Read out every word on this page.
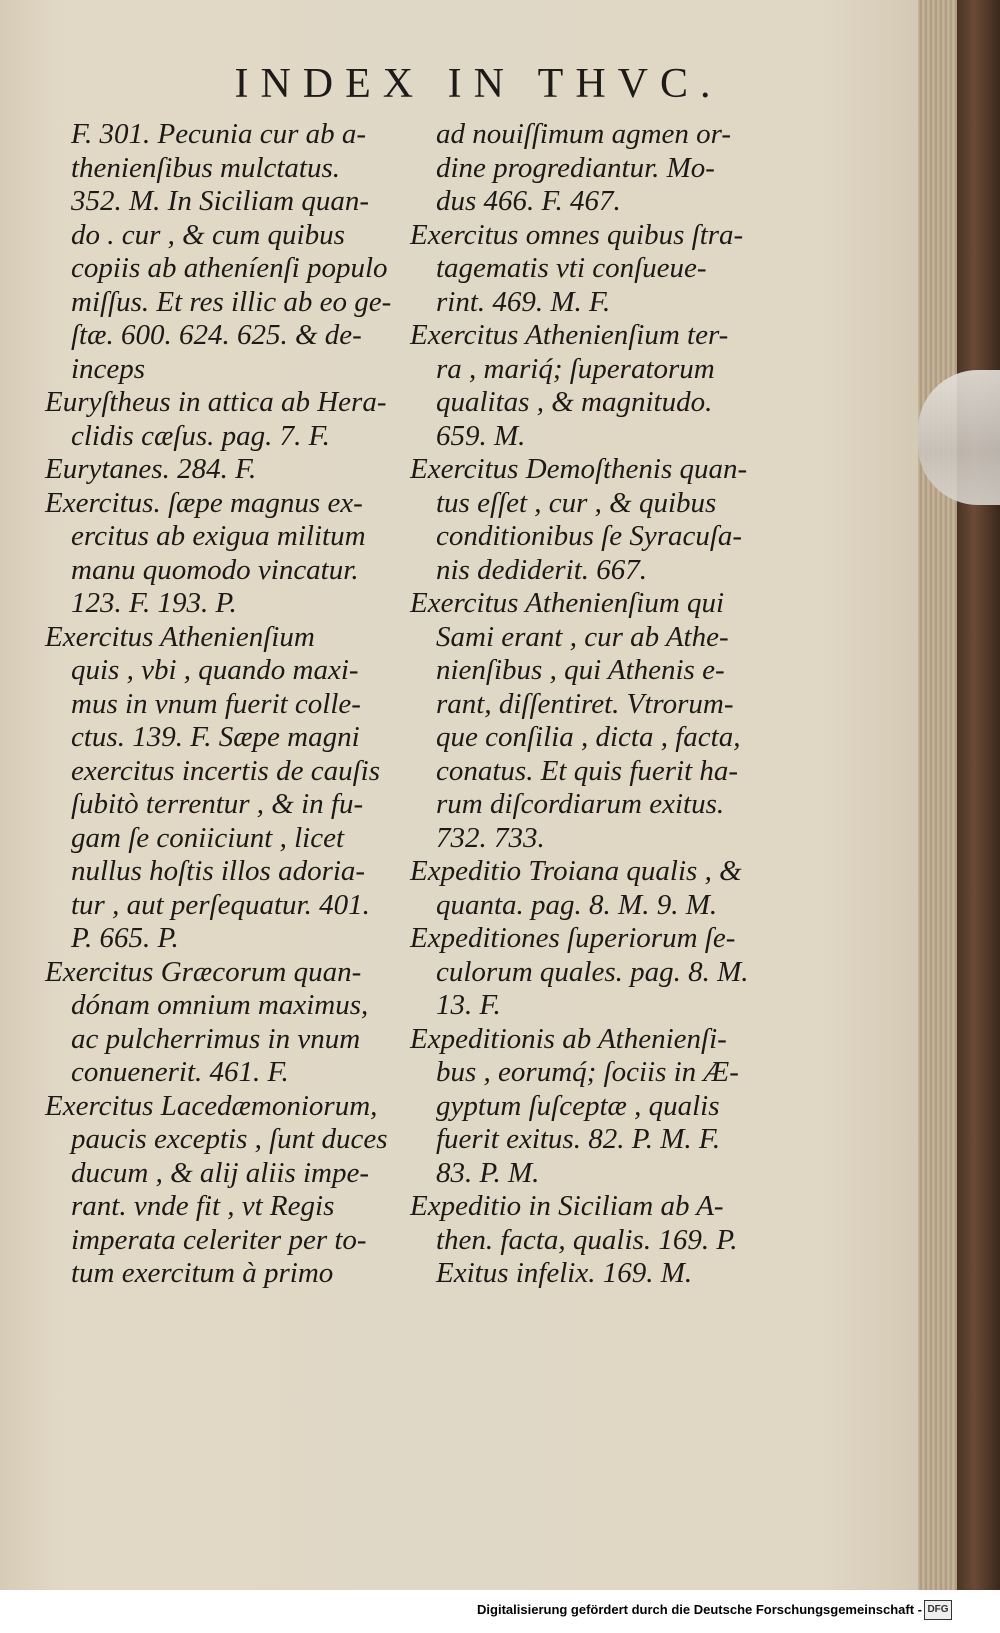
INDEX IN THVC.

F. 301. Pecunia cur ab a-

thenienſibus mulctatus.

352. M. In Siciliam quan-

do . cur , & cum quibus

copiis ab atheníenſi populo

miſſus. Et res illic ab eo ge-

ſtæ. 600. 624. 625. & de-

inceps

Euryſtheus in attica ab Hera-

clidis cæſus. pag. 7. F.

Eurytanes. 284. F.

Exercitus. ſæpe magnus ex-

ercitus ab exigua militum

manu quomodo vincatur.

123. F. 193. P.

Exercitus Athenienſium

quis , vbi , quando maxi-

mus in vnum fuerit colle-

ctus. 139. F. Sæpe magni

exercitus incertis de cauſis

ſubitò terrentur , & in fu-

gam ſe coniiciunt , licet

nullus hoſtis illos adoria-

tur , aut perſequatur. 401.

P. 665. P.

Exercitus Græcorum quan-

dónam omnium maximus,

ac pulcherrimus in vnum

conuenerit. 461. F.

Exercitus Lacedæmoniorum,

paucis exceptis , ſunt duces

ducum , & alij aliis impe-

rant. vnde fit , vt Regis

imperata celeriter per to-

tum exercitum à primo

ad nouiſſimum agmen or-

dine progrediantur. Mo-

dus 466. F. 467.

Exercitus omnes quibus ſtra-

tagematis vti conſueue-

rint. 469. M. F.

Exercitus Athenienſium ter-

ra , mariq́; ſuperatorum

qualitas , & magnitudo.

659. M.

Exercitus Demoſthenis quan-

tus eſſet , cur , & quibus

conditionibus ſe Syracuſa-

nis dediderit. 667.

Exercitus Athenienſium qui

Sami erant , cur ab Athe-

nienſibus , qui Athenis e-

rant, diſſentiret. Vtrorum-

que conſilia , dicta , facta,

conatus. Et quis fuerit ha-

rum diſcordiarum exitus.

732. 733.

Expeditio Troiana qualis , &

quanta. pag. 8. M. 9. M.

Expeditiones ſuperiorum ſe-

culorum quales. pag. 8. M.

13. F.

Expeditionis ab Athenienſi-

bus , eorumq́; ſociis in Æ-

gyptum ſuſceptæ , qualis

fuerit exitus. 82. P. M. F.

83. P. M.

Expeditio in Siciliam ab A-

then. facta, qualis. 169. P.

Exitus infelix. 169. M.

Digitalisierung gefördert durch die Deutsche Forschungsgemeinschaft - DFG
